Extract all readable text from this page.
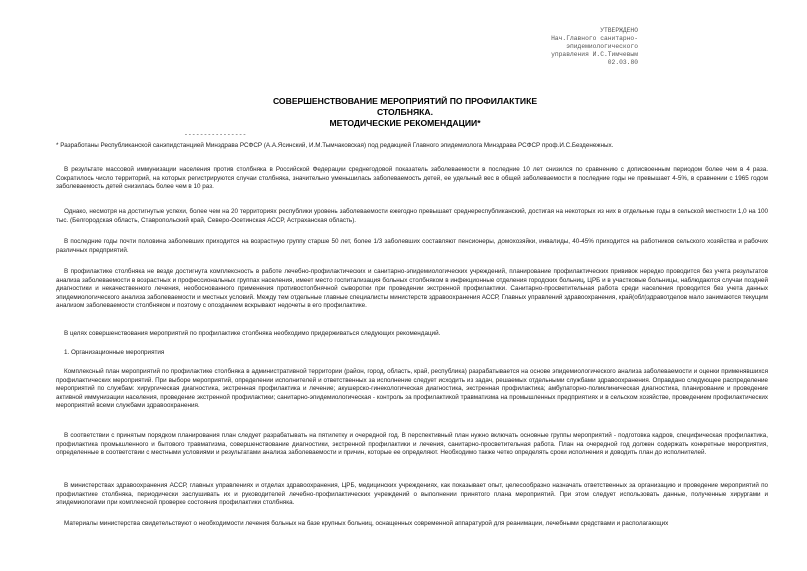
УТВЕРЖДЕНО
Нач.Главного санитарно-
эпидемиологического
управления И.С.Тимчевым
02.03.80
СОВЕРШЕНСТВОВАНИЕ МЕРОПРИЯТИЙ ПО ПРОФИЛАКТИКЕ
СТОЛБНЯКА.
МЕТОДИЧЕСКИЕ РЕКОМЕНДАЦИИ*
----------------
* Разработаны Республиканской санэпидстанцией Минздрава РСФСР (А.А.Ясинский, И.М.Тымчаковская) под редакцией Главного эпидемиолога Минздрава РСФСР проф.И.С.Безденежных.
В результате массовой иммунизации населения против столбняка в Российской Федерации среднегодовой показатель заболеваемости в последние 10 лет снизился по сравнению с дописвоенным периодом более чем в 4 раза. Сократилось число территорий, на которых регистрируются случаи столбняка, значительно уменьшилась заболеваемость детей, ее удельный вес в общей заболеваемости в последние годы не превышает 4-5%, в сравнении с 1965 годом заболеваемость детей снизилась более чем в 10 раз.
Однако, несмотря на достигнутые успехи, более чем на 20 территориях республики уровень заболеваемости ежегодно превышает среднереспубликанский, достигая на некоторых из них в отдельные годы в сельской местности 1,0 на 100 тыс. (Белгородская область, Ставропольский край, Северо-Осетинская АССР, Астраханская область).
В последние годы почти половина заболевших приходится на возрастную группу старше 50 лет, более 1/3 заболевших составляют пенсионеры, домохозяйки, инвалиды, 40-45% приходится на работников сельского хозяйства и рабочих различных предприятий.
В профилактике столбняка не везде достигнута комплексность в работе лечебно-профилактических и санитарно-эпидемиологических учреждений, планирование профилактических прививок нередко проводится без учета результатов анализа заболеваемости в возрастных и профессиональных группах населения, имеет место госпитализация больных столбняком в инфекционные отделения городских больниц, ЦРБ и в участковые больницы, наблюдаются случаи поздней диагностики и некачественного лечения, необоснованного применения противостолбнячной сыворотки при проведении экстренной профилактики. Санитарно-просветительная работа среди населения проводится без учета данных эпидемиологического анализа заболеваемости и местных условий. Между тем отдельные главные специалисты министерств здравоохранения АССР, Главных управлений здравоохранения, край(обл)здравотделов мало занимаются текущим анализом заболеваемости столбняком и поэтому с опозданием вскрывают недочеты в его профилактике.
В целях совершенствования мероприятий по профилактике столбняка необходимо придерживаться следующих рекомендаций.
1. Организационные мероприятия
Комплексный план мероприятий по профилактике столбняка в административной территории (район, город, область, край, республика) разрабатывается на основе эпидемиологического анализа заболеваемости и оценки применявшихся профилактических мероприятий. При выборе мероприятий, определении исполнителей и ответственных за исполнение следует исходить из задач, решаемых отдельными службами здравоохранения. Оправдано следующее распределение мероприятий по службам: хирургическая диагностика, экстренная профилактика и лечение; акушерско-гинекологическая диагностика, экстренная профилактика; амбулаторно-поликлиническая диагностика, планирование и проведение активной иммунизации населения, проведение экстренной профилактики; санитарно-эпидемиологическая - контроль за профилактикой травматизма на промышленных предприятиях и в сельском хозяйстве, проведением профилактических мероприятий всеми службами здравоохранения.
В соответствии с принятым порядком планирования план следует разрабатывать на пятилетку и очередной год. В перспективный план нужно включать основные группы мероприятий - подготовка кадров, специфическая профилактика, профилактика промышленного и бытового травматизма, совершенствование диагностики, экстренной профилактики и лечения, санитарно-просветительная работа. План на очередной год должен содержать конкретные мероприятия, определенные в соответствии с местными условиями и результатами анализа заболеваемости и причин, которые ее определяют. Необходимо также четко определять сроки исполнения и доводить план до исполнителей.
В министерствах здравоохранения АССР, главных управлениях и отделах здравоохранения, ЦРБ, медицинских учреждениях, как показывает опыт, целесообразно назначать ответственных за организацию и проведение мероприятий по профилактике столбняка, периодически заслушивать их и руководителей лечебно-профилактических учреждений о выполнении принятого плана мероприятий. При этом следует использовать данные, полученные хирургами и эпидемиологами при комплексной проверке состояния профилактики столбняка.
Материалы министерства свидетельствуют о необходимости лечения больных на базе крупных больниц, оснащенных современной аппаратурой для реанимации, лечебными средствами и располагающих
